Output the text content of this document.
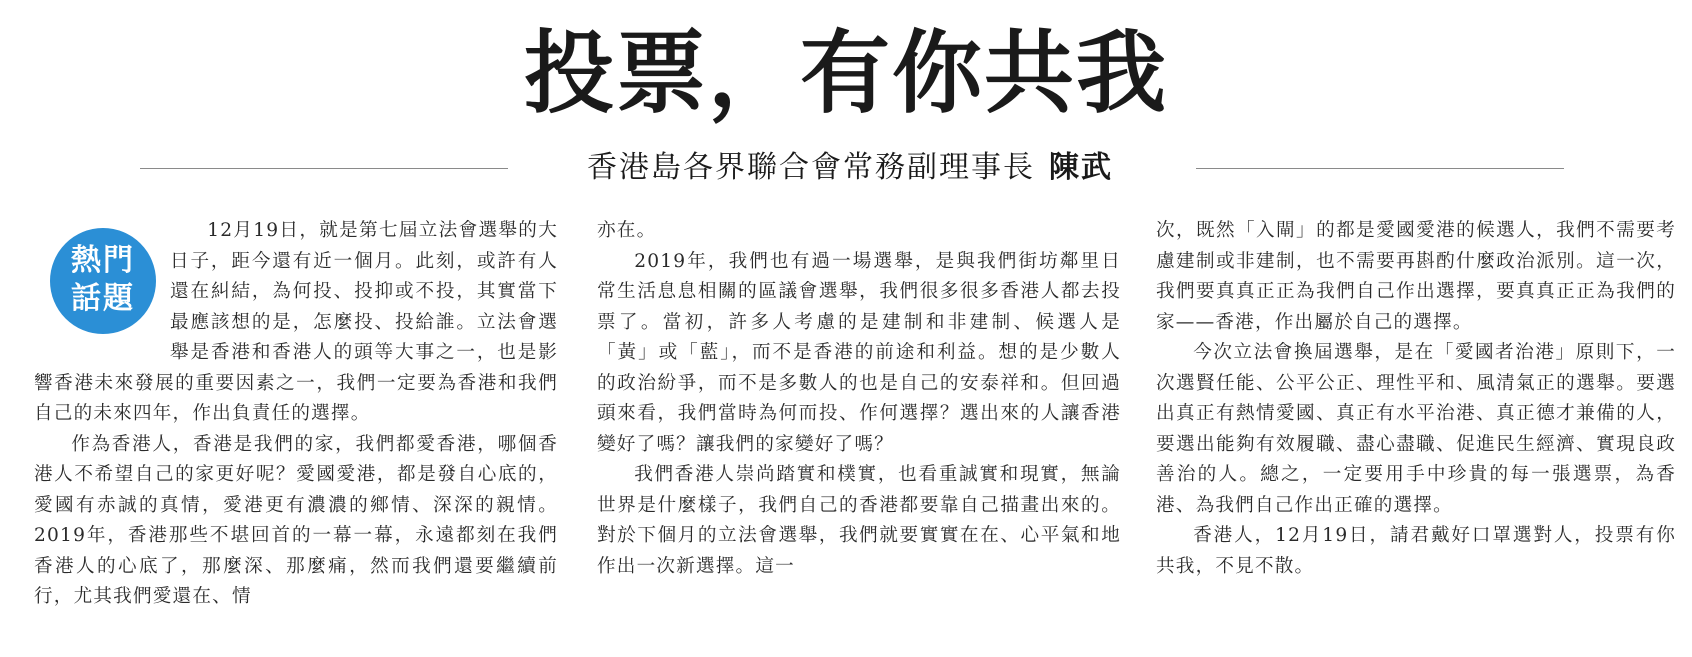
投票，有你共我
香港島各界聯合會常務副理事長 陳武
熱門
話題

12月19日，就是第七屆立法會選舉的大日子，距今還有近一個月。此刻，或許有人還在糾結，為何投、投抑或不投，其實當下最應該想的是，怎麼投、投給誰。立法會選舉是香港和香港人的頭等大事之一，也是影響香港未來發展的重要因素之一，我們一定要為香港和我們自己的未來四年，作出負責任的選擇。

作為香港人，香港是我們的家，我們都愛香港，哪個香港人不希望自己的家更好呢？愛國愛港，都是發自心底的，愛國有赤誠的真情，愛港更有濃濃的鄉情、深深的親情。2019年，香港那些不堪回首的一幕一幕，永遠都刻在我們香港人的心底了，那麼深、那麼痛，然而我們還要繼續前行，尤其我們愛還在、情

亦在。

2019年，我們也有過一場選舉，是與我們街坊鄰里日常生活息息相關的區議會選舉，我們很多很多香港人都去投票了。當初，許多人考慮的是建制和非建制、候選人是「黃」或「藍」，而不是香港的前途和利益。想的是少數人的政治紛爭，而不是多數人的也是自己的安泰祥和。但回過頭來看，我們當時為何而投、作何選擇？選出來的人讓香港變好了嗎？讓我們的家變好了嗎？

我們香港人崇尚踏實和樸實，也看重誠實和現實，無論世界是什麼樣子，我們自己的香港都要靠自己描畫出來的。對於下個月的立法會選舉，我們就要實實在在、心平氣和地作出一次新選擇。這一

次，既然「入閘」的都是愛國愛港的候選人，我們不需要考慮建制或非建制，也不需要再斟酌什麼政治派別。這一次，我們要真真正正為我們自己作出選擇，要真真正正為我們的家——香港，作出屬於自己的選擇。

今次立法會換屆選舉，是在「愛國者治港」原則下，一次選賢任能、公平公正、理性平和、風清氣正的選舉。要選出真正有熱情愛國、真正有水平治港、真正德才兼備的人，要選出能夠有效履職、盡心盡職、促進民生經濟、實現良政善治的人。總之，一定要用手中珍貴的每一張選票，為香港、為我們自己作出正確的選擇。

香港人，12月19日，請君戴好口罩選對人，投票有你共我，不見不散。
